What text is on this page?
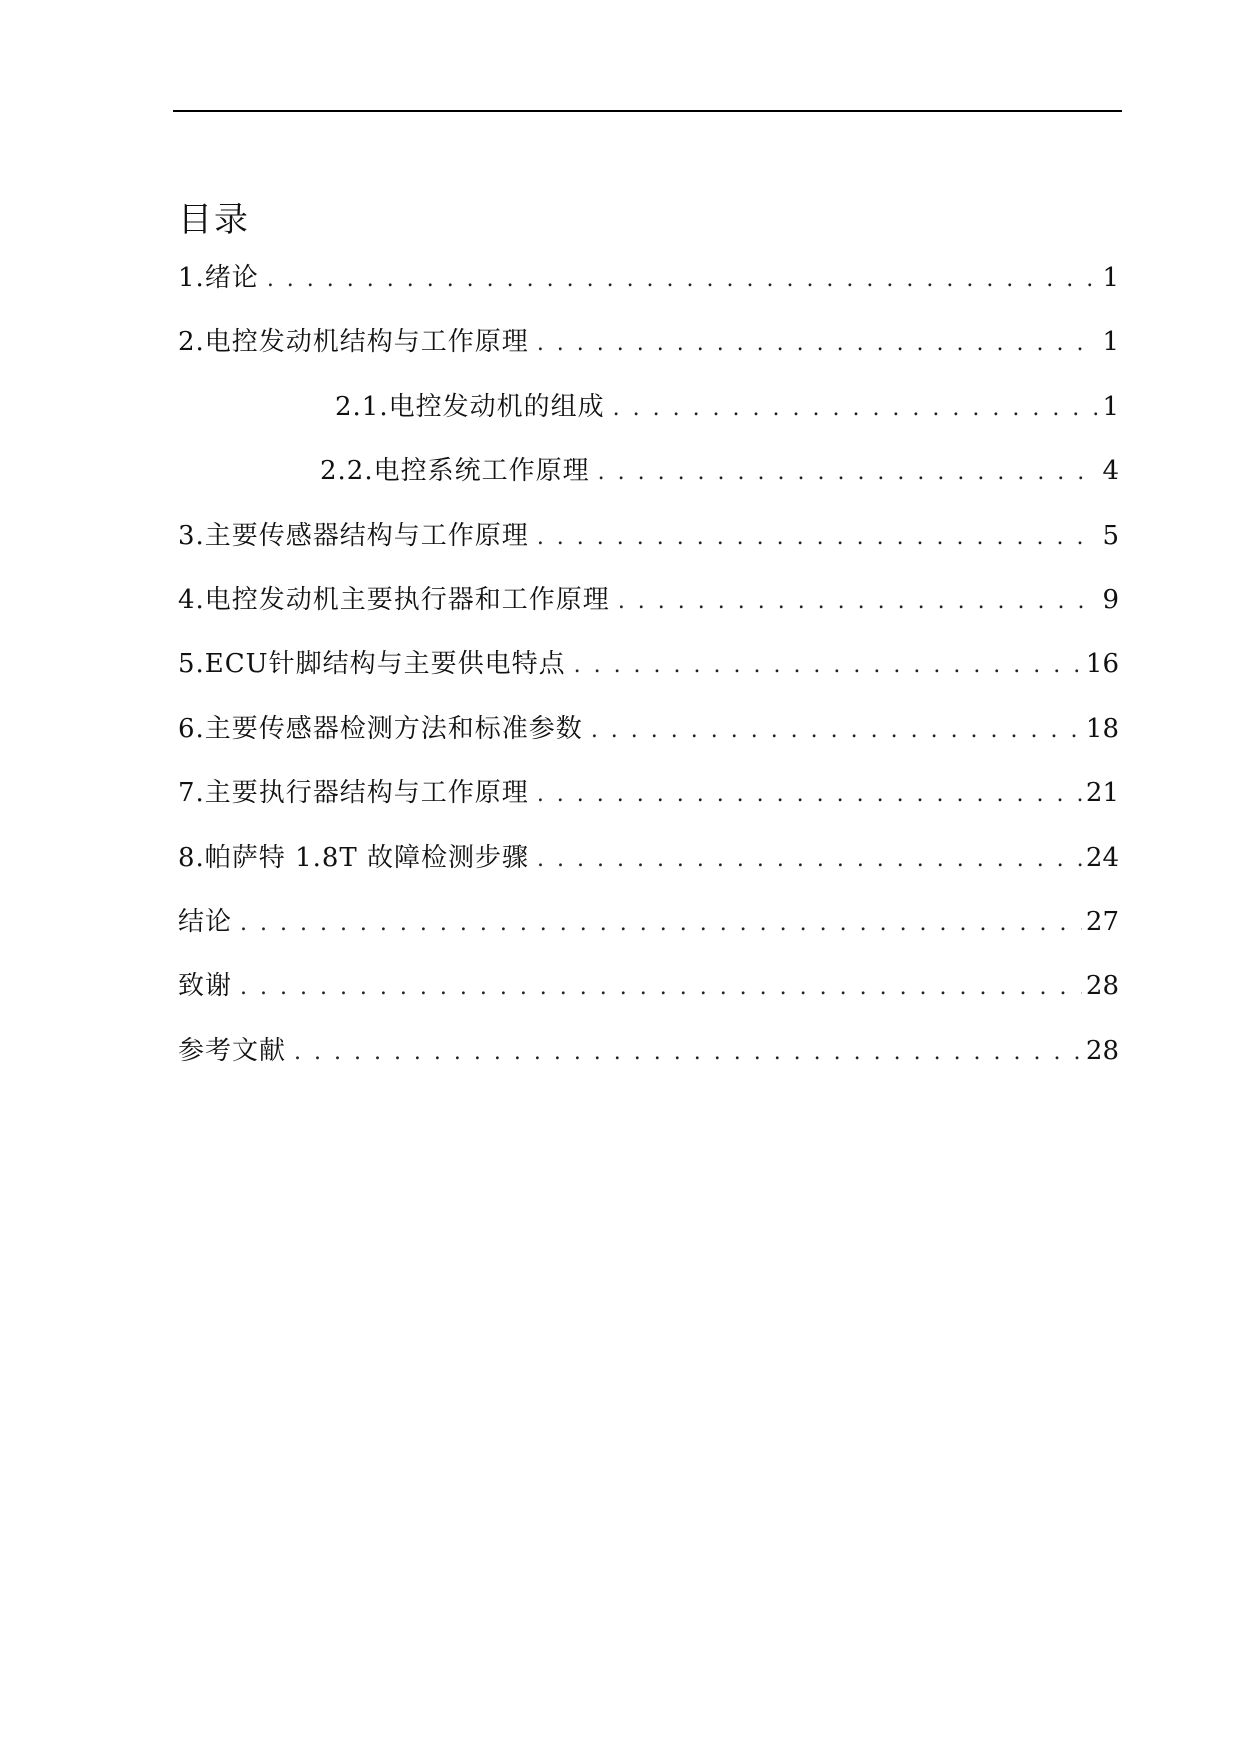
目录
1.绪论 . . .	1
2.电控发动机结构与工作原理 . . .	1
2.1.电控发动机的组成 . . .	1
2.2.电控系统工作原理 . . .	4
3.主要传感器结构与工作原理 . . .	5
4.电控发动机主要执行器和工作原理 . . .	9
5.ECU针脚结构与主要供电特点 . . .	16
6.主要传感器检测方法和标准参数 . . .	18
7.主要执行器结构与工作原理 . . .	21
8.帕萨特 1.8T 故障检测步骤 . . .	24
结论 . . .	27
致谢 . . .	28
参考文献 . . .	28
